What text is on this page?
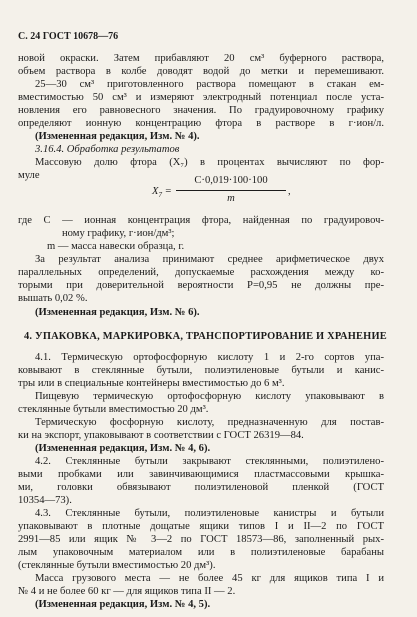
С. 24 ГОСТ 10678—76
новой окраски. Затем прибавляют 20 см³ буферного раствора,
объем раствора в колбе доводят водой до метки и перемешивают.
25—30 см³ приготовленного раствора помещают в стакан ем-
вместимостью 50 см³ и измеряют электродный потенциал после уста-
новления его равновесного значения. По градуировочному графику
определяют ионную концентрацию фтора в растворе в г·ион/л.
(Измененная редакция, Изм. № 4).
3.16.4. Обработка результатов
Массовую долю фтора (X₇) в процентах вычисляют по фор-
муле
где C — ионная концентрация фтора, найденная по градуировоч-
ному графику, г·ион/дм³;
m — масса навески образца, г.
За результат анализа принимают среднее арифметическое двух
параллельных определений, допускаемые расхождения между ко-
торыми при доверительной вероятности P=0,95 не должны пре-
вышать 0,02 %.
(Измененная редакция, Изм. № 6).
4. УПАКОВКА, МАРКИРОВКА, ТРАНСПОРТИРОВАНИЕ И ХРАНЕНИЕ
4.1. Термическую ортофосфорную кислоту 1 и 2-го сортов упа-
ковывают в стеклянные бутыли, полиэтиленовые бутыли и канис-
тры или в специальные контейнеры вместимостью до 6 м³.
Пищевую термическую ортофосфорную кислоту упаковывают в
стеклянные бутыли вместимостью 20 дм³.
Термическую фосфорную кислоту, предназначенную для постав-
ки на экспорт, упаковывают в соответствии с ГОСТ 26319—84.
(Измененная редакция, Изм. № 4, 6).
4.2. Стеклянные бутыли закрывают стеклянными, полиэтилено-
выми пробками или завинчивающимися пластмассовыми крышка-
ми, головки обвязывают полиэтиленовой пленкой (ГОСТ
10354—73).
4.3. Стеклянные бутыли, полиэтиленовые канистры и бутыли
упаковывают в плотные дощатые ящики типов I и II—2 по ГОСТ
2991—85 или ящик № 3—2 по ГОСТ 18573—86, заполненный рых-
лым упаковочным материалом или в полиэтиленовые барабаны
(стеклянные бутыли вместимостью 20 дм³).
Масса грузового места — не более 45 кг для ящиков типа I и
№ 4 и не более 60 кг — для ящиков типа II — 2.
(Измененная редакция, Изм. № 4, 5).
$X_7$ =
C·0,019·100·100
m
,
